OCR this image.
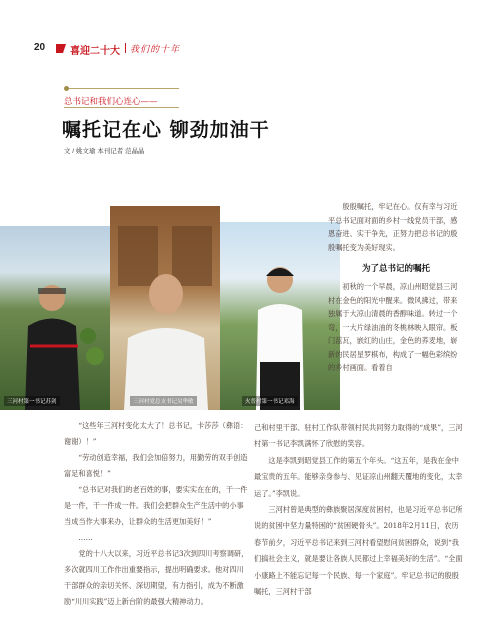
20 喜迎二十大 我们的十年
总书记和我们心连心——
嘱托记在心 铆劲加油干
文 / 姚文瑜 本刊记者 范晶晶
三河村第一书记苏剑	三河村党总支书记吴华敏	火普村第一书记邓海

殷殷嘱托，牢记在心。仅有幸与习近平总书记面对面的乡村一线党员干部，感恩奋进、实干争先，正努力把总书记的殷殷嘱托变为美好现实。

为了总书记的嘱托

初秋的一个早晨，凉山州昭觉县三河村在金色的阳光中醒来。微风拂过，带来独属于大凉山清晨的香醇味道。转过一个弯，一大片绿油油的冬桃林映入眼帘。板门蓝瓦，嵌红的山庄，金色的荞麦地，崭新的民居星罗棋布，构成了一幅色彩缤纷的乡村画面。看着自

“这些年三河村变化太大了！总书记，卡莎莎（彝语：谢谢）！”

“劳动创造幸福，我们会加倍努力，用勤劳的双手创造富足和喜悦！”

“总书记对我们的老百姓的事，要实实在在的，干一件是一件，干一件成一件。我们会把群众生产生活中的小事当成当作大事来办，让群众的生活更加美好！”

……

党的十八大以来，习近平总书记3次到四川考察调研，多次就四川工作作出重要指示，提出明确要求。他对四川干部群众的亲切关怀、深切期望，有力指引，成为不断激励“川川实践”迈上新台阶的最强大精神动力。

己和村里干部、驻村工作队带领村民共同努力取得的“成果”，三河村第一书记李凯满怀了欣慰的笑容。

这是李凯到昭觉县工作的第五个年头。“这五年，是我在金中最宝贵的五年。能够亲身参与、见证凉山州翻天覆地的变化，太幸运了。”李凯说。

三河村曾是典型的彝族聚居深度贫困村，也是习近平总书记所说的贫困中坚力量特困的“贫困硬骨头”。2018年2月11日，农历春节前夕，习近平总书记来到三河村看望慰问贫困群众，说到“我们搞社会主义，就是要让各族人民都过上幸福美好的生活”。“全面小康路上不能忘记每一个民族、每一个家庭”。牢记总书记的殷殷嘱托，三河村干部
